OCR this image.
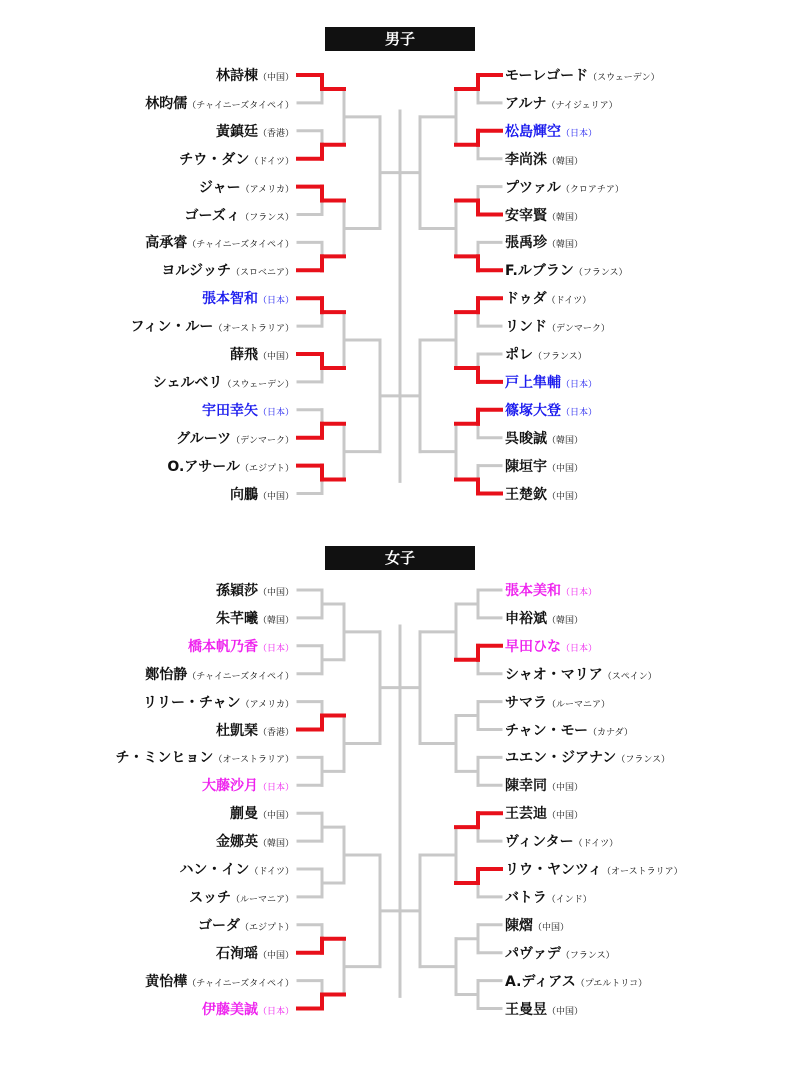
男子
女子
林詩棟（中国）
林昀儒（チャイニーズタイペイ）
黃鎮廷（香港）
チウ・ダン（ドイツ）
ジャー（アメリカ）
ゴーズィ（フランス）
高承睿（チャイニーズタイペイ）
ヨルジッチ（スロベニア）
張本智和（日本）
フィン・ルー（オーストラリア）
薛飛（中国）
シェルベリ（スウェーデン）
宇田幸矢（日本）
グルーツ（デンマーク）
O.アサール（エジプト）
向鵬（中国）
モーレゴード（スウェーデン）
アルナ（ナイジェリア）
松島輝空（日本）
李尚洙（韓国）
プツァル（クロアチア）
安宰賢（韓国）
張禹珍（韓国）
F.ルブラン（フランス）
ドゥダ（ドイツ）
リンド（デンマーク）
ポレ（フランス）
戸上隼輔（日本）
篠塚大登（日本）
呉晙誠（韓国）
陳垣宇（中国）
王楚欽（中国）
孫穎莎（中国）
朱芊曦（韓国）
橋本帆乃香（日本）
鄭怡静（チャイニーズタイペイ）
リリー・チャン（アメリカ）
杜凱琹（香港）
チ・ミンヒョン（オーストラリア）
大藤沙月（日本）
蒯曼（中国）
金娜英（韓国）
ハン・イン（ドイツ）
スッチ（ルーマニア）
ゴーダ（エジプト）
石洵瑶（中国）
黄怡樺（チャイニーズタイペイ）
伊藤美誠（日本）
張本美和（日本）
申裕斌（韓国）
早田ひな（日本）
シャオ・マリア（スペイン）
サマラ（ルーマニア）
チャン・モー（カナダ）
ユエン・ジアナン（フランス）
陳幸同（中国）
王芸迪（中国）
ヴィンター（ドイツ）
リウ・ヤンツィ（オーストラリア）
バトラ（インド）
陳熠（中国）
パヴァデ（フランス）
A.ディアス（プエルトリコ）
王曼昱（中国）
